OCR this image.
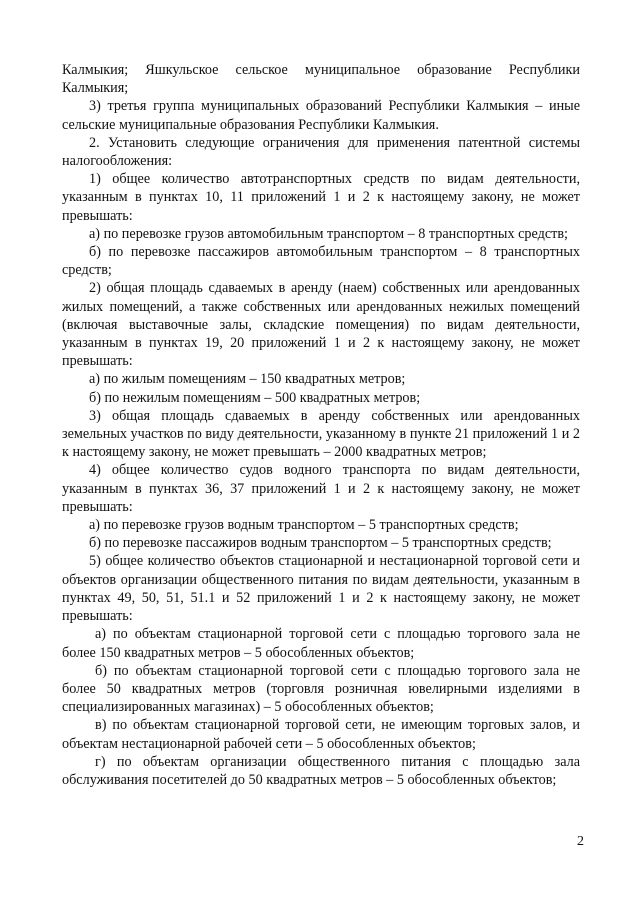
Калмыкия; Яшкульское сельское муниципальное образование Республики Калмыкия;

3) третья группа муниципальных образований Республики Калмыкия – иные сельские муниципальные образования Республики Калмыкия.

2. Установить следующие ограничения для применения патентной системы налогообложения:

1) общее количество автотранспортных средств по видам деятельности, указанным в пунктах 10, 11 приложений 1 и 2 к настоящему закону, не может превышать:

а) по перевозке грузов автомобильным транспортом – 8 транспортных средств;

б) по перевозке пассажиров автомобильным транспортом – 8 транспортных средств;

2) общая площадь сдаваемых в аренду (наем) собственных или арендованных жилых помещений, а также собственных или арендованных нежилых помещений (включая выставочные залы, складские помещения) по видам деятельности, указанным в пунктах 19, 20 приложений 1 и 2 к настоящему закону, не может превышать:

а) по жилым помещениям – 150 квадратных метров;

б) по нежилым помещениям – 500 квадратных метров;

3) общая площадь сдаваемых в аренду собственных или арендованных земельных участков по виду деятельности, указанному в пункте 21 приложений 1 и 2 к настоящему закону, не может превышать – 2000 квадратных метров;

4) общее количество судов водного транспорта по видам деятельности, указанным в пунктах 36, 37 приложений 1 и 2 к настоящему закону, не может превышать:

а) по перевозке грузов водным транспортом – 5 транспортных средств;

б) по перевозке пассажиров водным транспортом – 5 транспортных средств;

5) общее количество объектов стационарной и нестационарной торговой сети и объектов организации общественного питания по видам деятельности, указанным в пунктах 49, 50, 51, 51.1 и 52 приложений 1 и 2 к настоящему закону, не может превышать:

а) по объектам стационарной торговой сети с площадью торгового зала не более 150 квадратных метров – 5 обособленных объектов;

б) по объектам стационарной торговой сети с площадью торгового зала не более 50 квадратных метров (торговля розничная ювелирными изделиями в специализированных магазинах) – 5 обособленных объектов;

в) по объектам стационарной торговой сети, не имеющим торговых залов, и объектам нестационарной рабочей сети – 5 обособленных объектов;

г) по объектам организации общественного питания с площадью зала обслуживания посетителей до 50 квадратных метров – 5 обособленных объектов;

2
